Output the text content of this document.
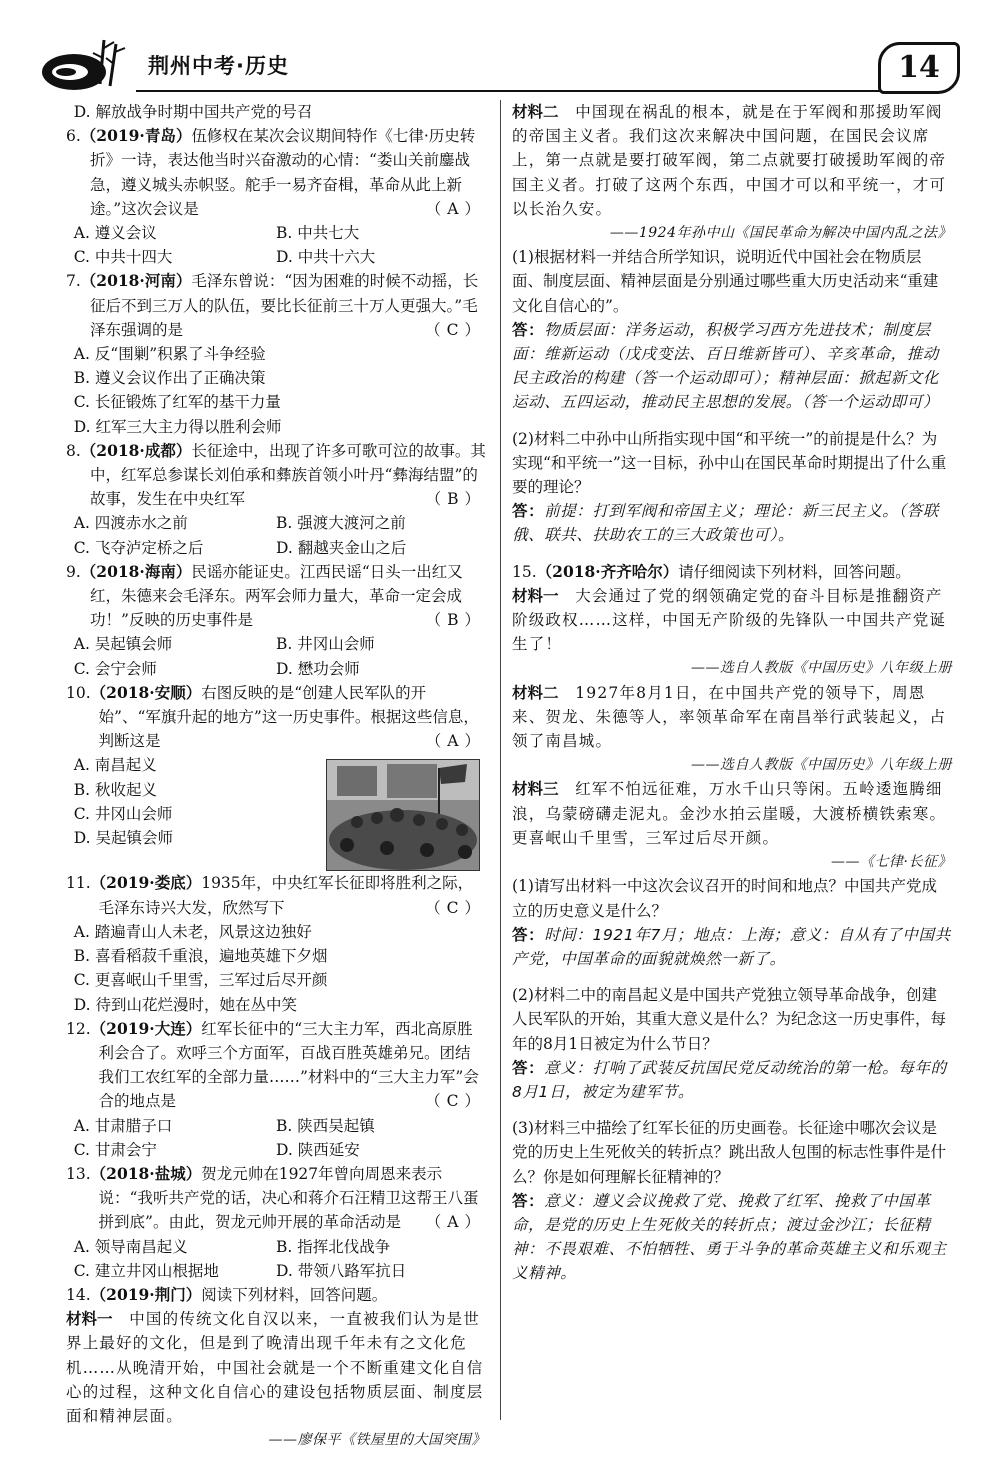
荆州中考·历史	14

D. 解放战争时期中国共产党的号召

6.（2019·青岛）伍修权在某次会议期间特作《七律·历史转折》一诗，表达他当时兴奋激动的心情：“娄山关前鏖战急，遵义城头赤帜竖。舵手一易齐奋楫，革命从此上新途。”这次会议是	（A）

A. 遵义会议	B. 中共七大
C. 中共十四大	D. 中共十六大

7.（2018·河南）毛泽东曾说：“因为困难的时候不动摇，长征后不到三万人的队伍，要比长征前三十万人更强大。”毛泽东强调的是	（C）

A. 反“围剿”积累了斗争经验

B. 遵义会议作出了正确决策

C. 长征锻炼了红军的基干力量

D. 红军三大主力得以胜利会师

8.（2018·成都）长征途中，出现了许多可歌可泣的故事。其中，红军总参谋长刘伯承和彝族首领小叶丹“彝海结盟”的故事，发生在中央红军	（B）

A. 四渡赤水之前	B. 强渡大渡河之前
C. 飞夺泸定桥之后	D. 翻越夹金山之后

9.（2018·海南）民谣亦能证史。江西民谣“日头一出红又红，朱德来会毛泽东。两军会师力量大，革命一定会成功！”反映的历史事件是	（B）

A. 吴起镇会师	B. 井冈山会师
C. 会宁会师	D. 懋功会师

10.（2018·安顺）右图反映的是“创建人民军队的开始”、“军旗升起的地方”这一历史事件。根据这些信息，判断这是	（A）

A. 南昌起义

B. 秋收起义

C. 井冈山会师

D. 吴起镇会师

11.（2019·娄底）1935年，中央红军长征即将胜利之际，毛泽东诗兴大发，欣然写下	（C）

A. 踏遍青山人未老，风景这边独好

B. 喜看稻菽千重浪，遍地英雄下夕烟

C. 更喜岷山千里雪，三军过后尽开颜

D. 待到山花烂漫时，她在丛中笑

12.（2019·大连）红军长征中的“三大主力军，西北高原胜利会合了。欢呼三个方面军，百战百胜英雄弟兄。团结我们工农红军的全部力量……”材料中的“三大主力军”会合的地点是	（C）

A. 甘肃腊子口	B. 陕西吴起镇
C. 甘肃会宁	D. 陕西延安

13.（2018·盐城）贺龙元帅在1927年曾向周恩来表示说：“我听共产党的话，决心和蒋介石汪精卫这帮王八蛋拼到底”。由此，贺龙元帅开展的革命活动是 （A）

A. 领导南昌起义	B. 指挥北伐战争
C. 建立井冈山根据地	D. 带领八路军抗日

14.（2019·荆门）阅读下列材料，回答问题。

材料一　 中国的传统文化自汉以来，一直被我们认为是世界上最好的文化，但是到了晚清出现千年未有之文化危机……从晚清开始，中国社会就是一个不断重建文化自信心的过程，这种文化自信心的建设包括物质层面、制度层面和精神层面。

——廖保平《铁屋里的大国突围》

材料二　 中国现在祸乱的根本，就是在于军阀和那援助军阀的帝国主义者。我们这次来解决中国问题，在国民会议席上，第一点就是要打破军阀，第二点就要打破援助军阀的帝国主义者。打破了这两个东西，中国才可以和平统一，才可以长治久安。

——1924年孙中山《国民革命为解决中国内乱之法》

(1)根据材料一并结合所学知识，说明近代中国社会在物质层面、制度层面、精神层面是分别通过哪些重大历史活动来“重建文化自信心的”。

答：物质层面：洋务运动，积极学习西方先进技术；制度层面：维新运动（戊戌变法、百日维新皆可）、辛亥革命，推动民主政治的构建（答一个运动即可）；精神层面：掀起新文化运动、五四运动，推动民主思想的发展。（答一个运动即可）

(2)材料二中孙中山所指实现中国“和平统一”的前提是什么？为实现“和平统一”这一目标，孙中山在国民革命时期提出了什么重要的理论？

答：前提：打到军阀和帝国主义；理论：新三民主义。（答联俄、联共、扶助农工的三大政策也可）。

15.（2018·齐齐哈尔）请仔细阅读下列材料，回答问题。

材料一　 大会通过了党的纲领确定党的奋斗目标是推翻资产阶级政权……这样，中国无产阶级的先锋队一中国共产党诞生了！

——选自人教版《中国历史》八年级上册

材料二　 1927年8月1日，在中国共产党的领导下，周恩来、贺龙、朱德等人，率领革命军在南昌举行武装起义，占领了南昌城。

——选自人教版《中国历史》八年级上册

材料三　 红军不怕远征难，万水千山只等闲。五岭逶迤腾细浪，乌蒙磅礴走泥丸。金沙水拍云崖暖，大渡桥横铁索寒。更喜岷山千里雪，三军过后尽开颜。

——《七律·长征》

(1)请写出材料一中这次会议召开的时间和地点？中国共产党成立的历史意义是什么？

答：时间：1921年7月；地点：上海；意义：自从有了中国共产党，中国革命的面貌就焕然一新了。

(2)材料二中的南昌起义是中国共产党独立领导革命战争，创建人民军队的开始，其重大意义是什么？为纪念这一历史事件，每年的8月1日被定为什么节日？

答：意义：打响了武装反抗国民党反动统治的第一枪。每年的8月1日，被定为建军节。

(3)材料三中描绘了红军长征的历史画卷。长征途中哪次会议是党的历史上生死攸关的转折点？跳出敌人包围的标志性事件是什么？你是如何理解长征精神的？

答：意义：遵义会议挽救了党、挽救了红军、挽救了中国革命，是党的历史上生死攸关的转折点；渡过金沙江；长征精神：不畏艰难、不怕牺牲、勇于斗争的革命英雄主义和乐观主义精神。
